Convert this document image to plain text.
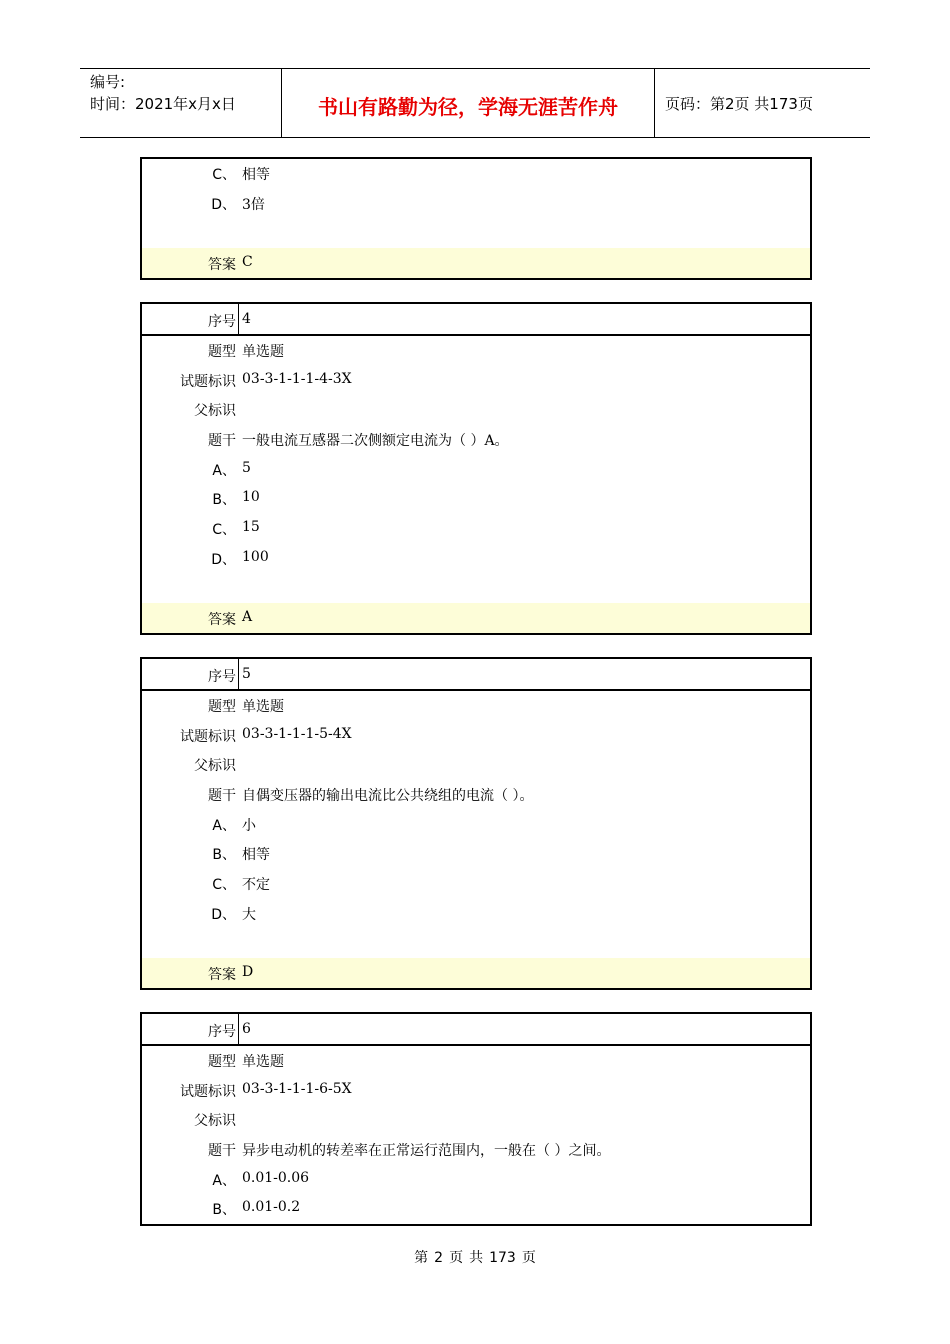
编号:
时间：2021年x月x日	书山有路勤为径，学海无涯苦作舟	页码：第2页 共173页
C、 相等
D、 3倍
答案 C
序号 4
题型 单选题
试题标识 03-3-1-1-1-4-3X
父标识
题干 一般电流互感器二次侧额定电流为（ ）A。
A、 5
B、 10
C、 15
D、 100
答案 A
序号 5
题型 单选题
试题标识 03-3-1-1-1-5-4X
父标识
题干 自偶变压器的输出电流比公共绕组的电流（ ）。
A、 小
B、 相等
C、 不定
D、 大
答案 D
序号 6
题型 单选题
试题标识 03-3-1-1-1-6-5X
父标识
题干 异步电动机的转差率在正常运行范围内，一般在（ ）之间。
A、 0.01-0.06
B、 0.01-0.2
第 2 页 共 173 页
